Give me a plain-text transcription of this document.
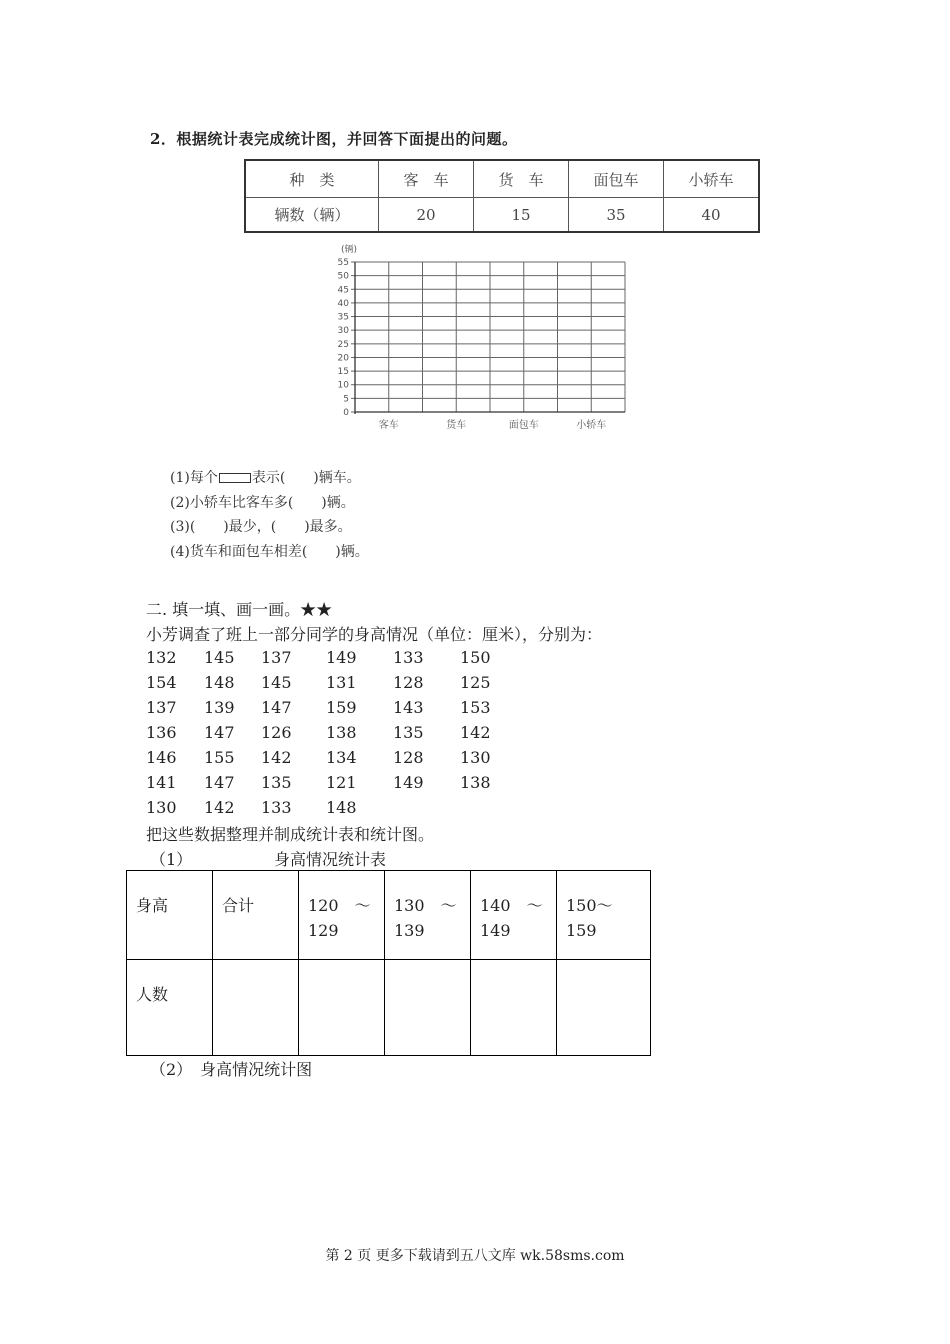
2．根据统计表完成统计图，并回答下面提出的问题。
种　类	客　车	货　车	面包车	小轿车
辆数（辆）	20	15	35	40
(辆)
0
5
10
15
20
25
30
35
40
45
50
55
客车	货车	面包车	小轿车
(1)每个 表示(　　)辆车。
(2)小轿车比客车多(　　)辆。
(3)(　　)最少，(　　)最多。
(4)货车和面包车相差(　　)辆。
二. 填一填、画一画。★★
小芳调查了班上一部分同学的身高情况（单位：厘米），分别为：
132 145 137 149 133 150
154 148 145 131 128 125
137 139 147 159 143 153
136 147 126 138 135 142
146 155 142 134 128 130
141 147 135 121 149 138
130 142 133 148
把这些数据整理并制成统计表和统计图。
（1）	身高情况统计表
身高	合计	120　～129	130　～139	140　～149	150～159
人数					
（2）　身高情况统计图
第 2 页 更多下载请到五八文库 wk.58sms.com
